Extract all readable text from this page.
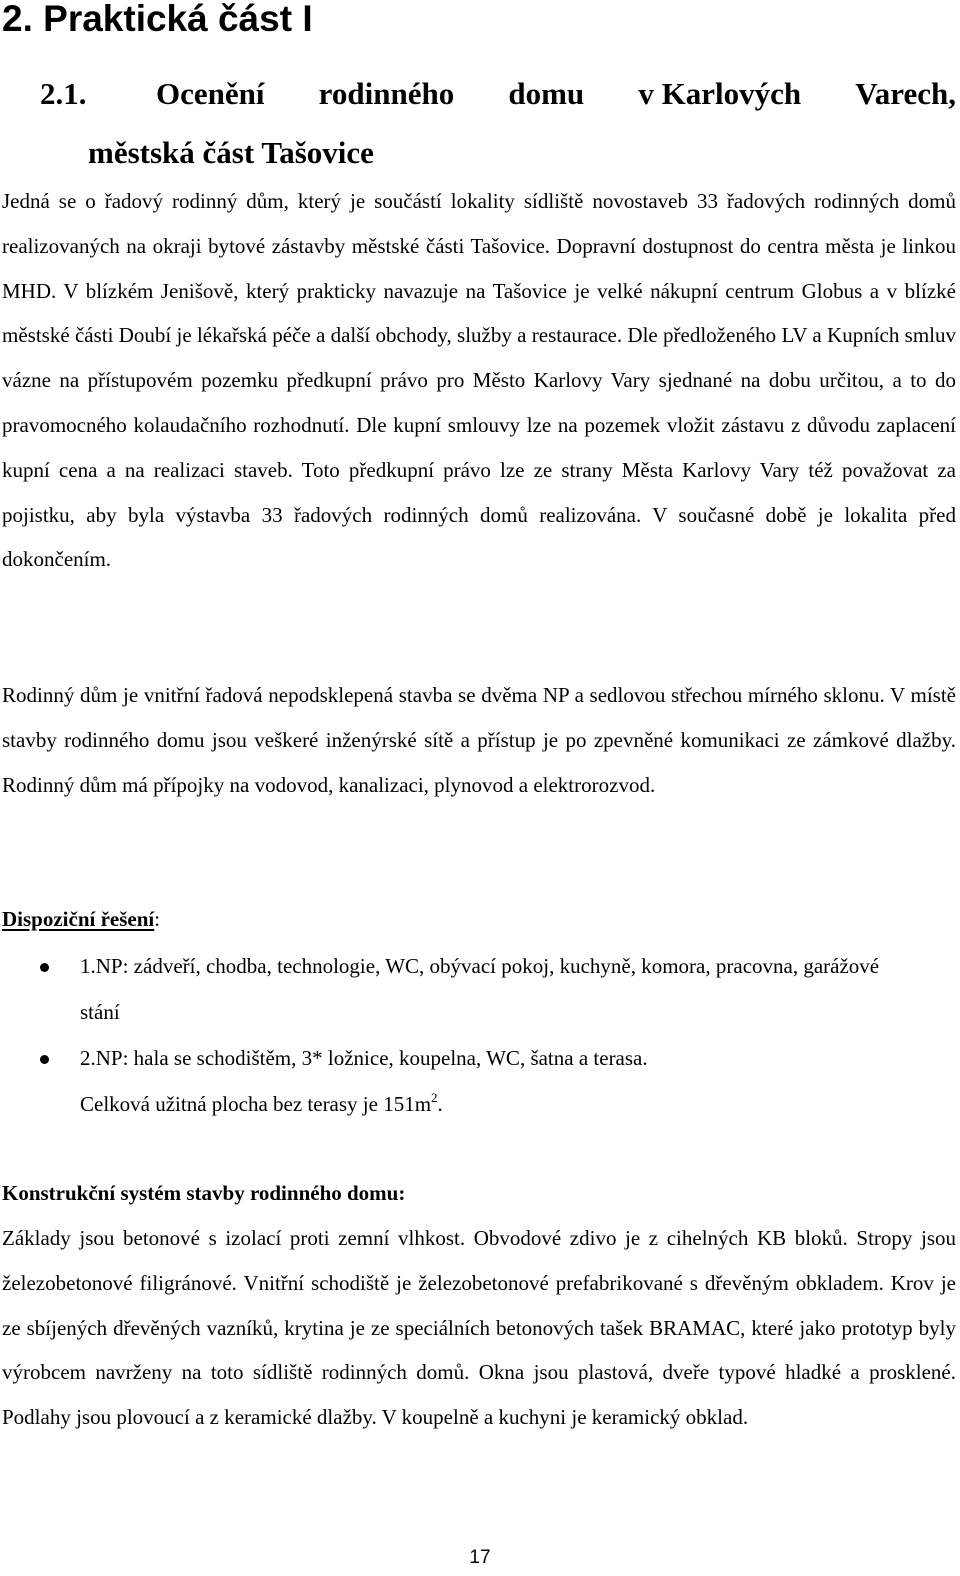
2. Praktická část I
2.1.	Ocenění rodinného domu v Karlových Varech,
městská část Tašovice

Jedná se o řadový rodinný dům, který je součástí lokality sídliště novostaveb 33 řadových rodinných domů realizovaných na okraji bytové zástavby městské části Tašovice. Dopravní dostupnost do centra města je linkou MHD. V blízkém Jenišově, který prakticky navazuje na Tašovice je velké nákupní centrum Globus a v blízké městské části Doubí je lékařská péče a další obchody, služby a restaurace. Dle předloženého LV a Kupních smluv vázne na přístupovém pozemku předkupní právo pro Město Karlovy Vary sjednané na dobu určitou, a to do pravomocného kolaudačního rozhodnutí. Dle kupní smlouvy lze na pozemek vložit zástavu z důvodu zaplacení kupní cena a na realizaci staveb. Toto předkupní právo lze ze strany Města Karlovy Vary též považovat za pojistku, aby byla výstavba 33 řadových rodinných domů realizována. V současné době je lokalita před dokončením.

Rodinný dům je vnitřní řadová nepodsklepená stavba se dvěma NP a sedlovou střechou mírného sklonu. V místě stavby rodinného domu jsou veškeré inženýrské sítě a přístup je po zpevněné komunikaci ze zámkové dlažby. Rodinný dům má přípojky na vodovod, kanalizaci, plynovod a elektrorozvod.

Dispoziční řešení:

1.NP: zádveří, chodba, technologie, WC, obývací pokoj, kuchyně, komora, pracovna, garážové stání
2.NP: hala se schodištěm, 3* ložnice, koupelna, WC, šatna a terasa.
Celková užitná plocha bez terasy je $151m^2$.

Konstrukční systém stavby rodinného domu:

Základy jsou betonové s izolací proti zemní vlhkost. Obvodové zdivo je z cihelných KB bloků. Stropy jsou železobetonové filigránové. Vnitřní schodiště je železobetonové prefabrikované s dřevěným obkladem. Krov je ze sbíjených dřevěných vazníků, krytina je ze speciálních betonových tašek BRAMAC, které jako prototyp byly výrobcem navrženy na toto sídliště rodinných domů. Okna jsou plastová, dveře typové hladké a prosklené. Podlahy jsou plovoucí a z keramické dlažby. V koupelně a kuchyni je keramický obklad.

17
